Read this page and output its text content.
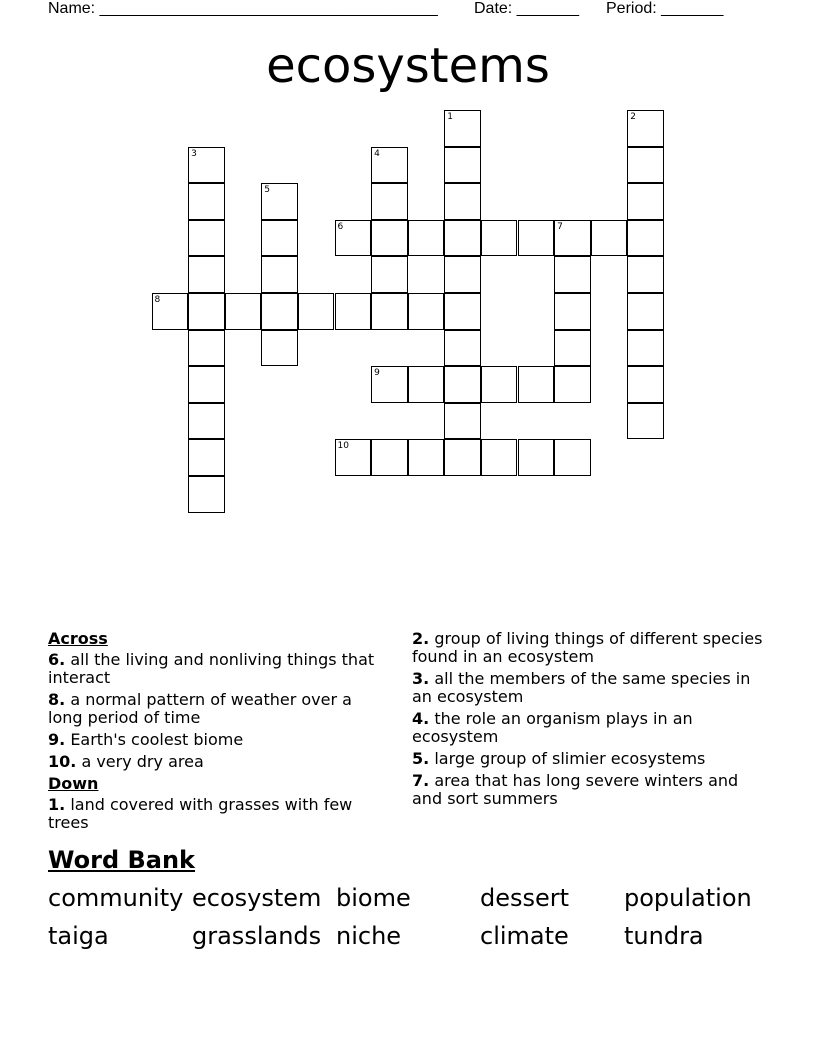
Name: ______________________________________ Date: _______ Period: _______
ecosystems
8
6	7
9
10
1	2
3	4
5
Across
6. all the living and nonliving things that interact
8. a normal pattern of weather over a long period of time
9. Earth's coolest biome
10. a very dry area
Down
1. land covered with grasses with few trees
2. group of living things of different species found in an ecosystem
3. all the members of the same species in an ecosystem
4. the role an organism plays in an ecosystem
5. large group of slimier ecosystems
7. area that has long severe winters and and sort summers
Word Bank
community ecosystem biome	dessert population
taiga	grasslands niche	climate tundra
